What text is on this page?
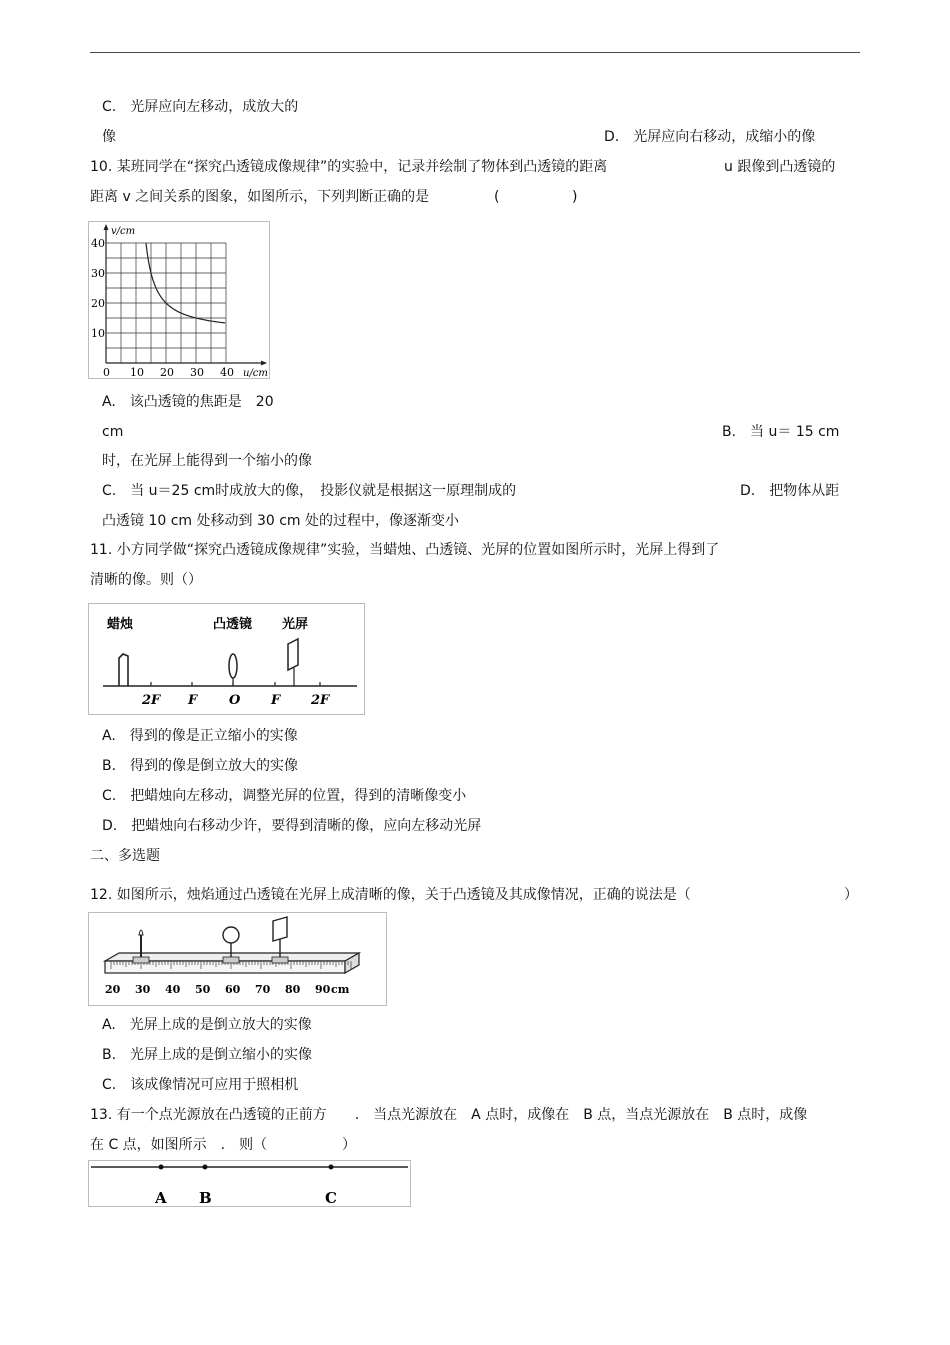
C.　光屏应向左移动，成放大的
像	D.　光屏应向右移动，成缩小的像
10. 某班同学在“探究凸透镜成像规律”的实验中，记录并绘制了物体到凸透镜的距离	u 跟像到凸透镜的
距离 v 之间关系的图象，如图所示，下列判断正确的是	(	)
40
30
20
10
0 10 20 30 40
v/cm
u/cm
A.　该凸透镜的焦距是　20
cm	B.　当 u＝ 15 cm
时，在光屏上能得到一个缩小的像
C.　当 u＝25 cm时成放大的像，　投影仪就是根据这一原理制成的	D.　把物体从距
凸透镜 10 cm 处移动到 30 cm 处的过程中，像逐渐变小
11. 小方同学做“探究凸透镜成像规律”实验，当蜡烛、凸透镜、光屏的位置如图所示时，光屏上得到了
清晰的像。则（）
蜡烛	凸透镜 光屏
2F F O F 2F
A.　得到的像是正立缩小的实像
B.　得到的像是倒立放大的实像
C.　把蜡烛向左移动，调整光屏的位置，得到的清晰像变小
D.　把蜡烛向右移动少许，要得到清晰的像，应向左移动光屏
二、多选题
12. 如图所示，烛焰通过凸透镜在光屏上成清晰的像，关于凸透镜及其成像情况，正确的说法是（	）
20 30 40 50 60 70 80 90 cm
A.　光屏上成的是倒立放大的实像
B.　光屏上成的是倒立缩小的实像
C.　该成像情况可应用于照相机
13. 有一个点光源放在凸透镜的正前方　　.　当点光源放在　A 点时，成像在　B 点，当点光源放在　B 点时，成像
在 C 点，如图所示　.　则（	）
A B	C
